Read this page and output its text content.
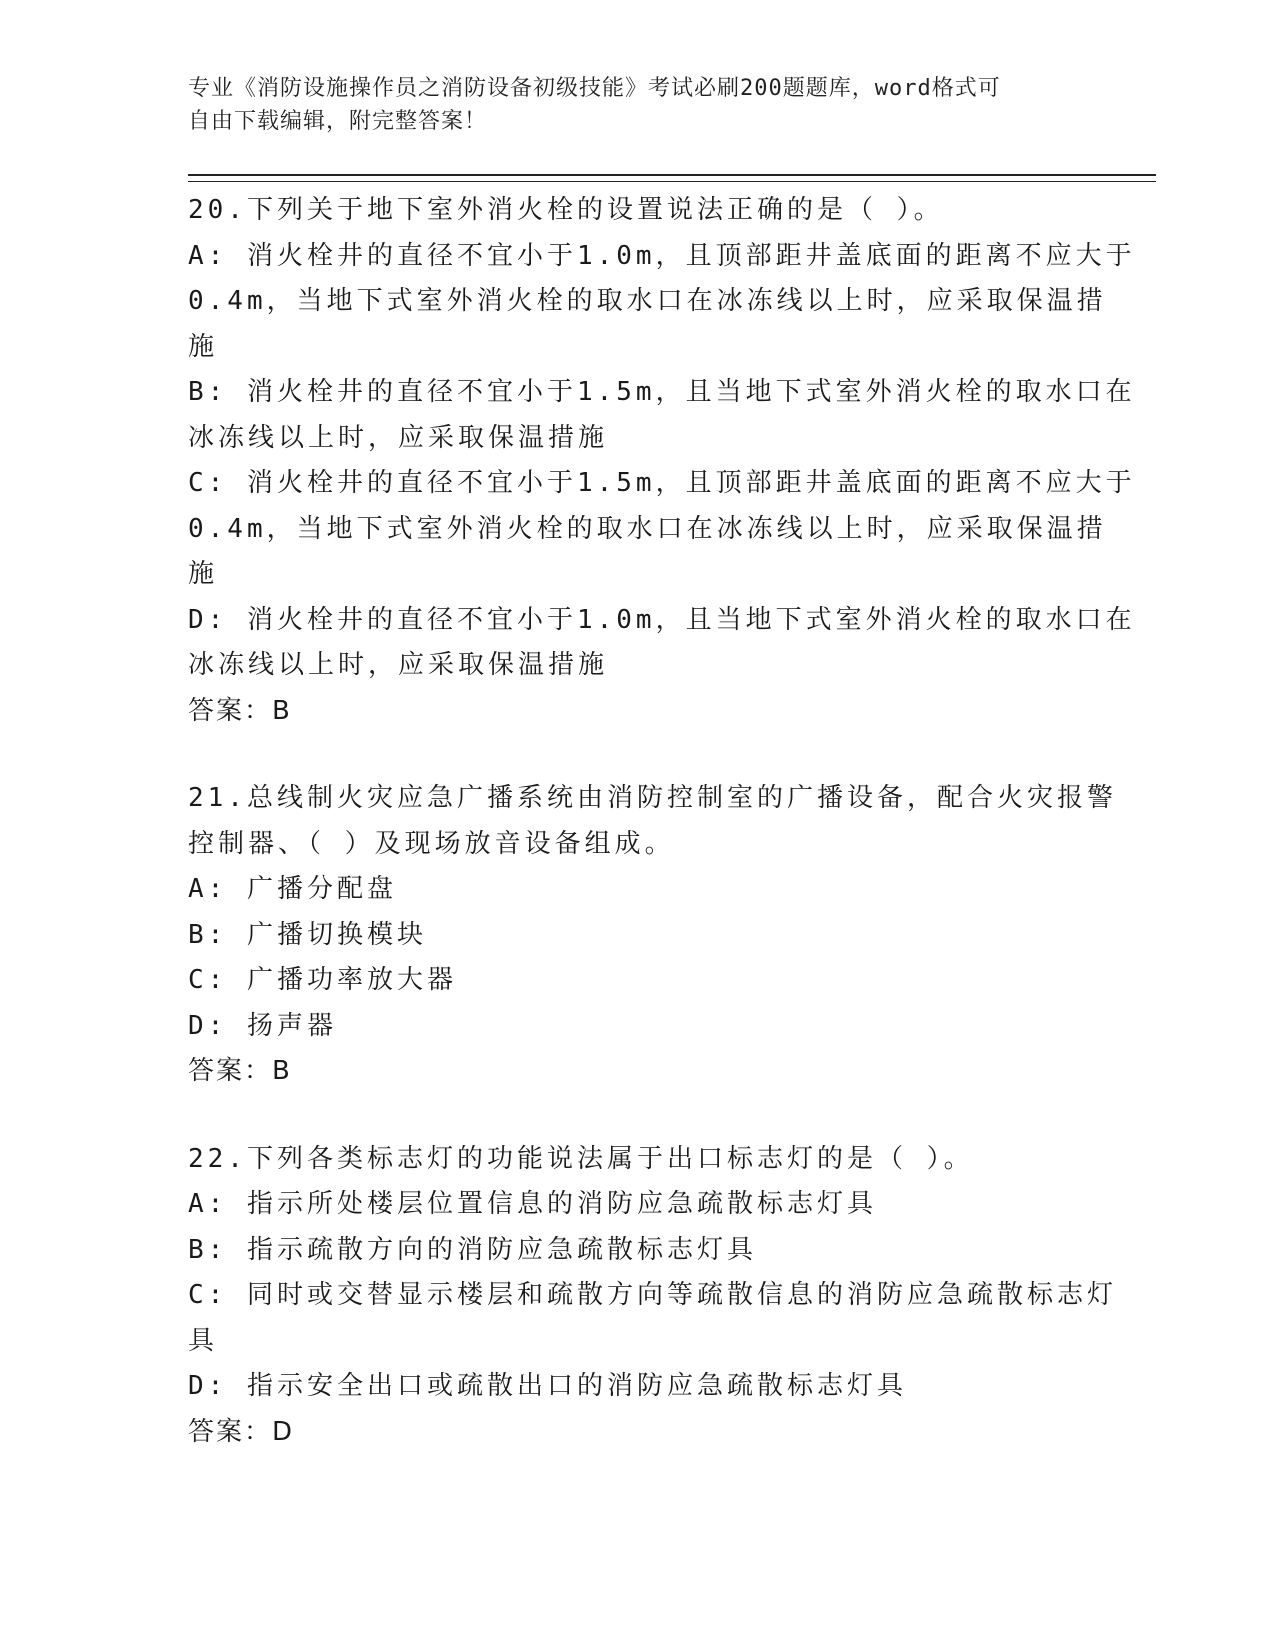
专业《消防设施操作员之消防设备初级技能》考试必刷200题题库，word格式可

自由下载编辑，附完整答案！

20.下列关于地下室外消火栓的设置说法正确的是（ ）。

A: 消火栓井的直径不宜小于1.0m，且顶部距井盖底面的距离不应大于

0.4m，当地下式室外消火栓的取水口在冰冻线以上时，应采取保温措

施

B: 消火栓井的直径不宜小于1.5m，且当地下式室外消火栓的取水口在

冰冻线以上时，应采取保温措施

C: 消火栓井的直径不宜小于1.5m，且顶部距井盖底面的距离不应大于

0.4m，当地下式室外消火栓的取水口在冰冻线以上时，应采取保温措

施

D: 消火栓井的直径不宜小于1.0m，且当地下式室外消火栓的取水口在

冰冻线以上时，应采取保温措施

答案：B

21.总线制火灾应急广播系统由消防控制室的广播设备，配合火灾报警

控制器、（ ）及现场放音设备组成。

A: 广播分配盘

B: 广播切换模块

C: 广播功率放大器

D: 扬声器

答案：B

22.下列各类标志灯的功能说法属于出口标志灯的是（ ）。

A: 指示所处楼层位置信息的消防应急疏散标志灯具

B: 指示疏散方向的消防应急疏散标志灯具

C: 同时或交替显示楼层和疏散方向等疏散信息的消防应急疏散标志灯

具

D: 指示安全出口或疏散出口的消防应急疏散标志灯具

答案：D
